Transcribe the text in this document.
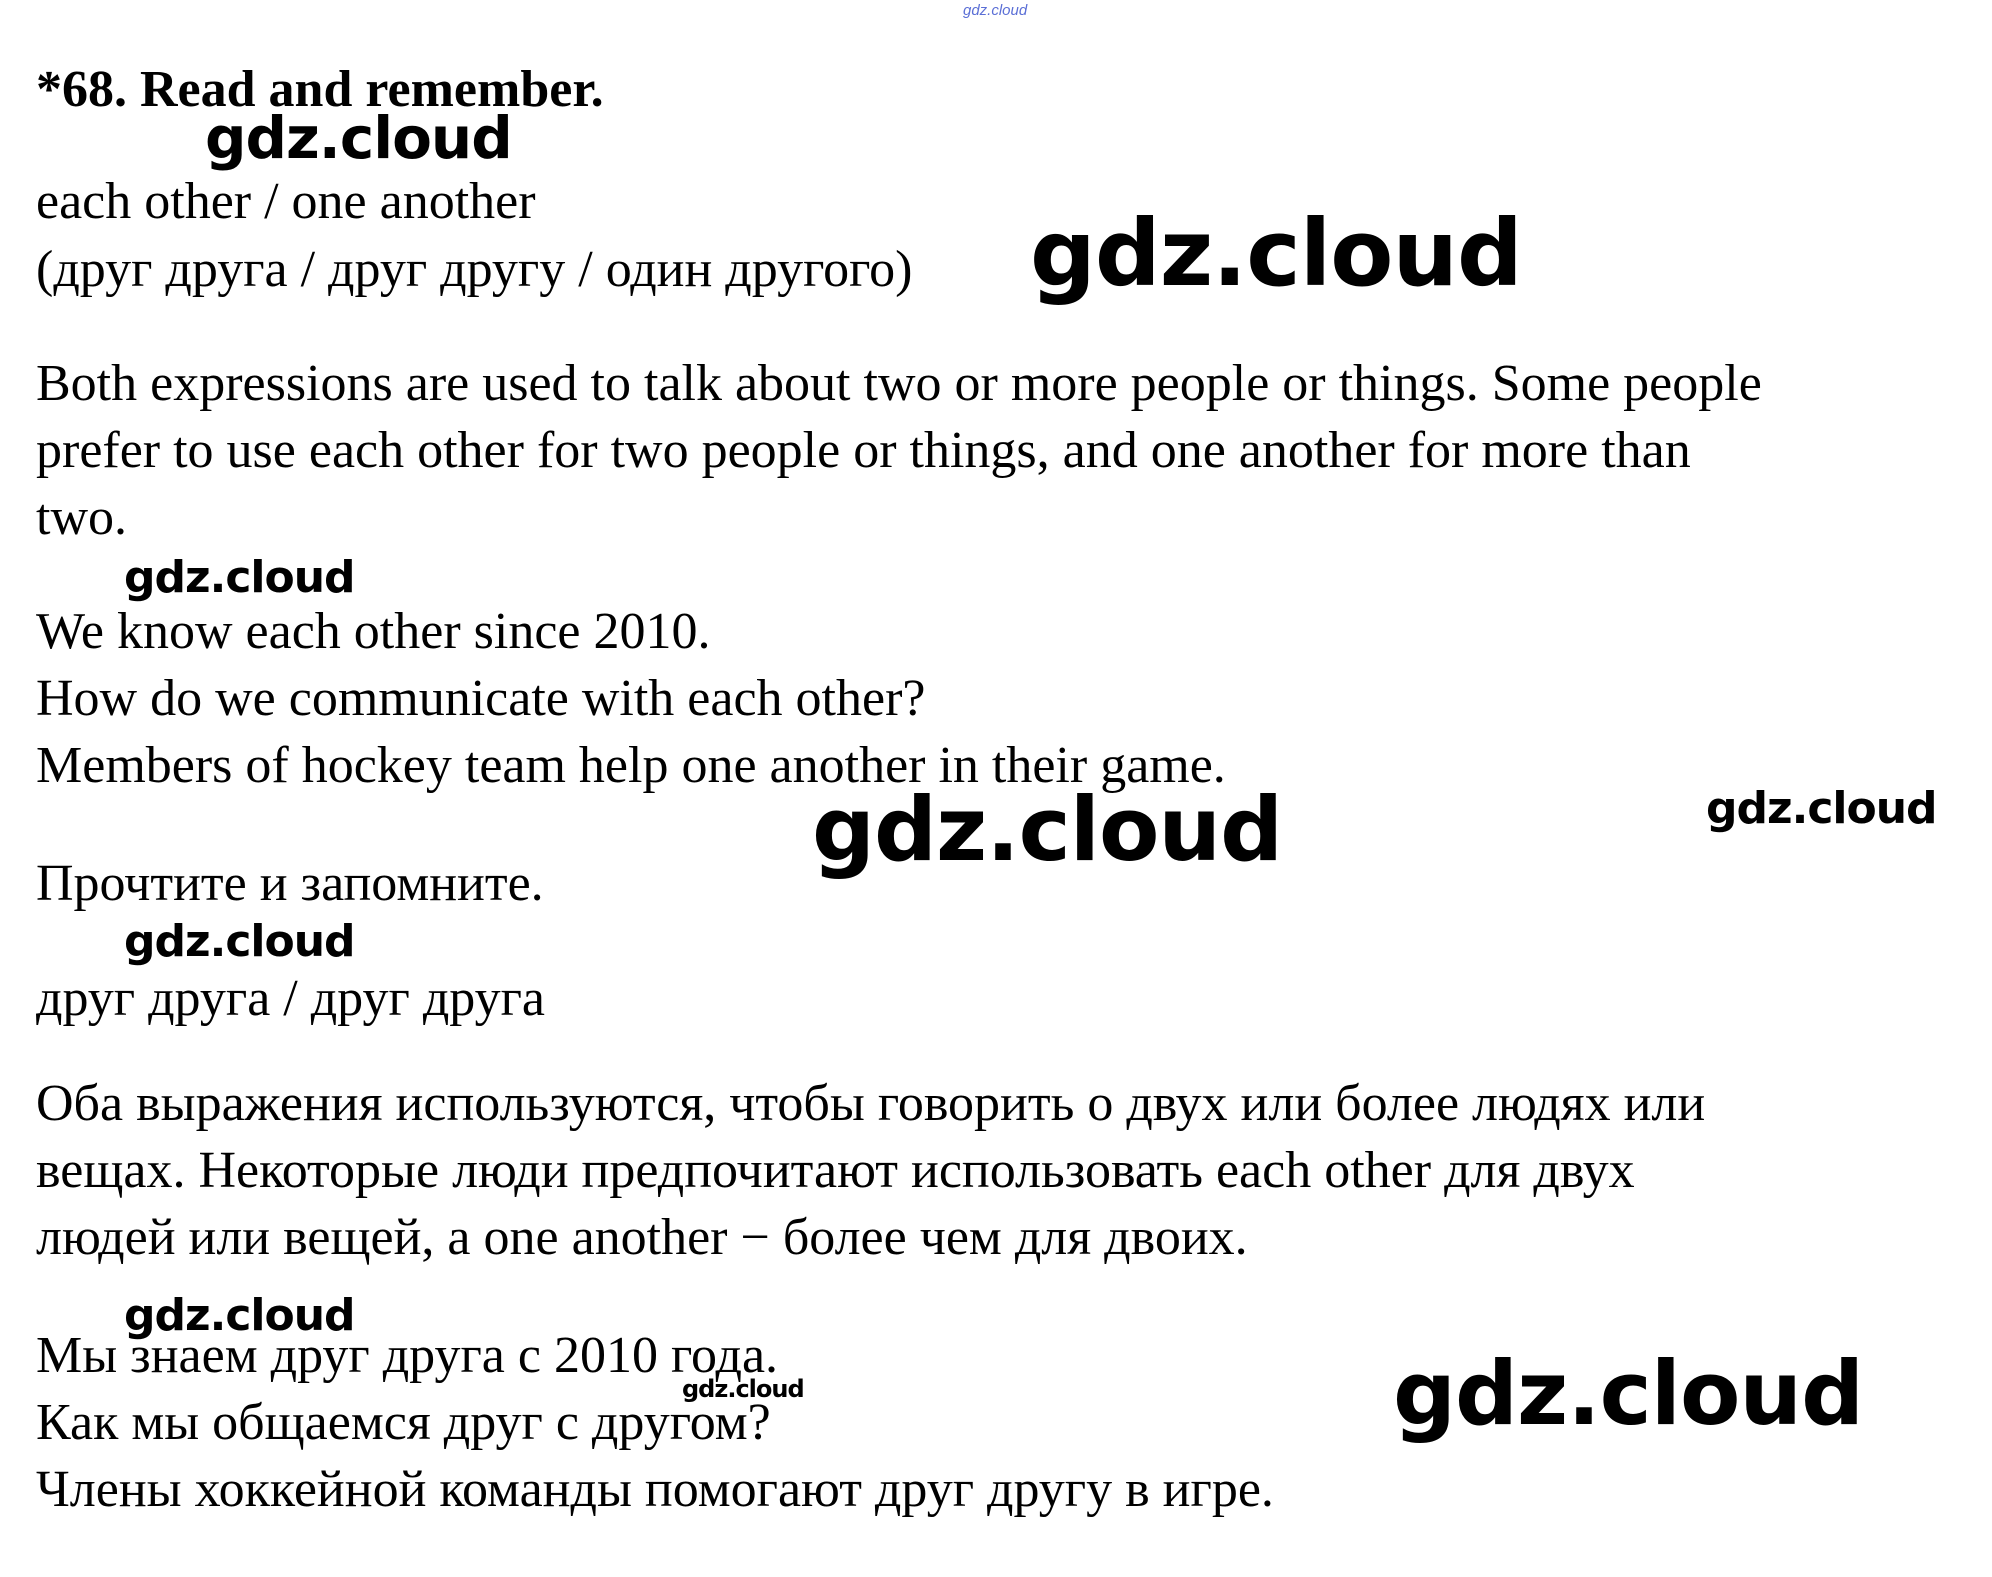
gdz.cloud

*68. Read and remember.

each other / one another

(друг друга / друг другу / один другого)

Both expressions are used to talk about two or more people or things. Some people
prefer to use each other for two people or things, and one another for more than
two.
We know each other since 2010.
How do we communicate with each other?
Members of hockey team help one another in their game.

Прочтите и запомните.

друг друга / друг друга

Оба выражения используются, чтобы говорить о двух или более людях или
вещах. Некоторые люди предпочитают использовать each other для двух
людей или вещей, а one another − более чем для двоих.
Мы знаем друг друга с 2010 года.
Как мы общаемся друг с другом?
Члены хоккейной команды помогают друг другу в игре.
gdz.cloud
gdz.cloud
gdz.cloud
gdz.cloud	gdz.cloud
gdz.cloud
gdz.cloud
gdz.cloud	gdz.cloud
